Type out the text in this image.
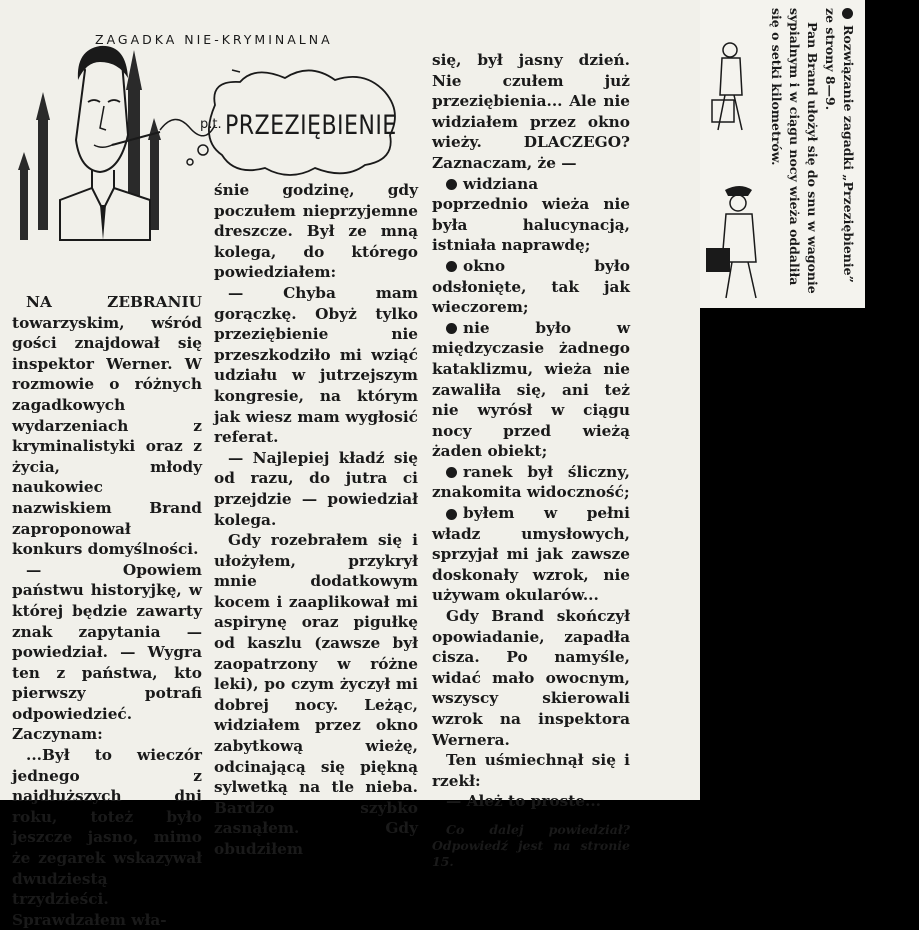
ZAGADKA NIE-KRYMINALNA
p.t. PRZEZIĘBIENIE

NA ZEBRANIU towarzyskim, wśród gości znajdował się inspektor Werner. W rozmowie o różnych zagadkowych wydarzeniach z kryminalistyki oraz z życia, młody naukowiec nazwiskiem Brand zaproponował konkurs domyślności.

— Opowiem państwu historyjkę, w której będzie zawarty znak zapytania — powiedział. — Wygra ten z państwa, kto pierwszy potrafi odpowiedzieć. Zaczynam:

...Był to wieczór jednego z najdłuższych dni roku, toteż było jeszcze jasno, mimo że zegarek wskazywał dwudziestą trzydzieści. Sprawdzałem wła-

śnie godzinę, gdy poczułem nieprzyjemne dreszcze. Był ze mną kolega, do którego powiedziałem:

— Chyba mam gorączkę. Obyż tylko przeziębienie nie przeszkodziło mi wziąć udziału w jutrzejszym kongresie, na którym jak wiesz mam wygłosić referat.

— Najlepiej kładź się od razu, do jutra ci przejdzie — powiedział kolega.

Gdy rozebrałem się i ułożyłem, przykrył mnie dodatkowym kocem i zaaplikował mi aspirynę oraz pigułkę od kaszlu (zawsze był zaopatrzony w różne leki), po czym życzył mi dobrej nocy. Leżąc, widziałem przez okno zabytkową wieżę, odcinającą się piękną sylwetką na tle nieba. Bardzo szybko zasnąłem. Gdy obudziłem

się, był jasny dzień. Nie czułem już przeziębienia... Ale nie widziałem przez okno wieży. DLACZEGO? Zaznaczam, że —

widziana poprzednio wieża nie była halucynacją, istniała naprawdę;

okno było odsłonięte, tak jak wieczorem;

nie było w międzyczasie żadnego kataklizmu, wieża nie zawaliła się, ani też nie wyrósł w ciągu nocy przed wieżą żaden obiekt;

ranek był śliczny, znakomita widoczność;

byłem w pełni władz umysłowych, sprzyjał mi jak zawsze doskonały wzrok, nie używam okularów...

Gdy Brand skończył opowiadanie, zapadła cisza. Po namyśle, widać mało owocnym, wszyscy skierowali wzrok na inspektora Wernera.

Ten uśmiechnął się i rzekł:

— Ależ to proste...

Co dalej powiedział? Odpowiedź jest na stronie 15.

Rozwiązanie zagadki „Przeziębienie” ze strony 8—9.

Pan Brand ułożył się do snu w wagonie sypialnym i w ciągu nocy wieża oddaliła się o setki kilometrów.
